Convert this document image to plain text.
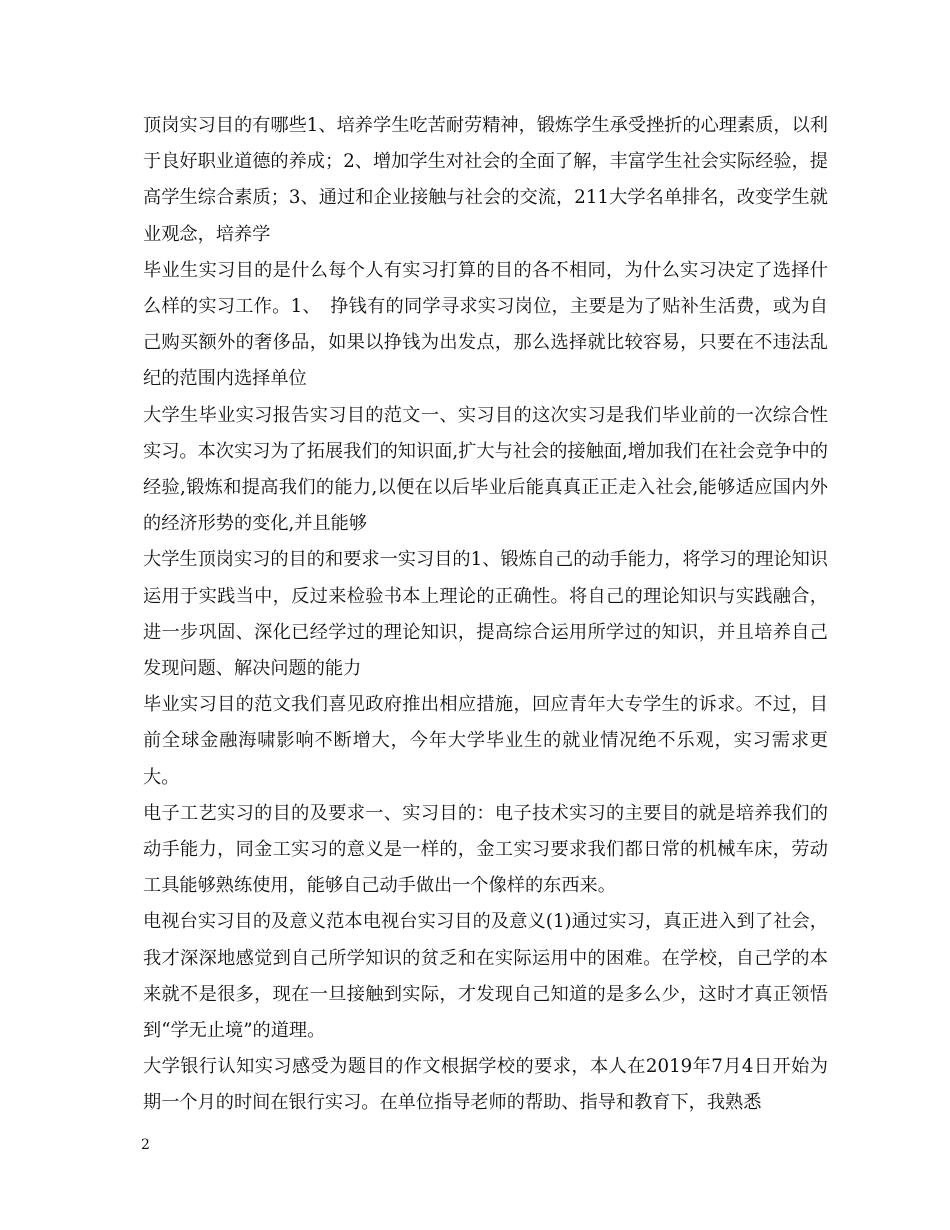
顶岗实习目的有哪些1、培养学生吃苦耐劳精神，锻炼学生承受挫折的心理素质，以利于良好职业道德的养成；2、增加学生对社会的全面了解，丰富学生社会实际经验，提高学生综合素质；3、通过和企业接触与社会的交流，211大学名单排名，改变学生就业观念，培养学

毕业生实习目的是什么每个人有实习打算的目的各不相同，为什么实习决定了选择什么样的实习工作。1、　挣钱有的同学寻求实习岗位，主要是为了贴补生活费，或为自己购买额外的奢侈品，如果以挣钱为出发点，那么选择就比较容易，只要在不违法乱纪的范围内选择单位

大学生毕业实习报告实习目的范文一、实习目的这次实习是我们毕业前的一次综合性实习。本次实习为了拓展我们的知识面,扩大与社会的接触面,增加我们在社会竞争中的经验,锻炼和提高我们的能力,以便在以后毕业后能真真正正走入社会,能够适应国内外的经济形势的变化,并且能够

大学生顶岗实习的目的和要求一实习目的1、锻炼自己的动手能力，将学习的理论知识运用于实践当中，反过来检验书本上理论的正确性。将自己的理论知识与实践融合，进一步巩固、深化已经学过的理论知识，提高综合运用所学过的知识，并且培养自己发现问题、解决问题的能力

毕业实习目的范文我们喜见政府推出相应措施，回应青年大专学生的诉求。不过，目前全球金融海啸影响不断增大，今年大学毕业生的就业情况绝不乐观，实习需求更大。

电子工艺实习的目的及要求一、实习目的：电子技术实习的主要目的就是培养我们的动手能力，同金工实习的意义是一样的，金工实习要求我们都日常的机械车床，劳动工具能够熟练使用，能够自己动手做出一个像样的东西来。

电视台实习目的及意义范本电视台实习目的及意义(1)通过实习，真正进入到了社会，我才深深地感觉到自己所学知识的贫乏和在实际运用中的困难。在学校，自己学的本来就不是很多，现在一旦接触到实际，才发现自己知道的是多么少，这时才真正领悟到“学无止境”的道理。

大学银行认知实习感受为题目的作文根据学校的要求，本人在2019年7月4日开始为期一个月的时间在银行实习。在单位指导老师的帮助、指导和教育下，我熟悉

2
